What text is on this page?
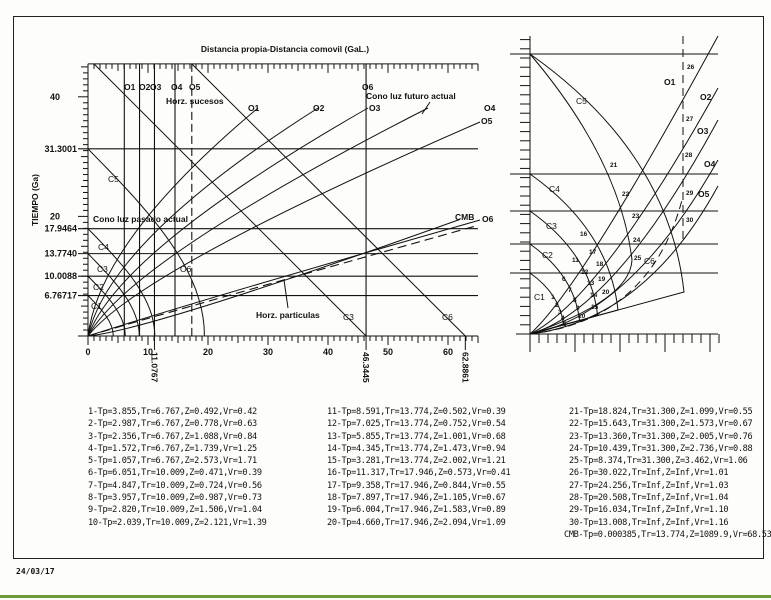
Distancia propia-Distancia comovil (GaL.)
TIEMPO (Ga)
0	10	20	30	40	50	60
11.0767	46.3445	62.8861
20
40
6.76717
10.0088
13.7740
17.9464
31.3001
O1 O2 O3 O4 O5	O6
C3	C6
C1
C2
C3
C4
C5
O6
O1	O2	O3	O4
O5
O6
CMB
Horz. sucesos	Cono luz futuro actual
Cono luz pasado actual
Horz. particulas
O1
O2
O3
O4
O5
C1
C2
C3
C4
C5
C6
1
2
3
4
5
6
7
8
9
10
11
12
13
14
15
16
17
18
19
20
21
22
23
24
25
26
27
28
29
30
1-Tp=3.855,Tr=6.767,Z=0.492,Vr=0.42
2-Tp=2.987,Tr=6.767,Z=0.778,Vr=0.63
3-Tp=2.356,Tr=6.767,Z=1.088,Vr=0.84
4-Tp=1.572,Tr=6.767,Z=1.739,Vr=1.25
5-Tp=1.057,Tr=6.767,Z=2.573,Vr=1.71
6-Tp=6.051,Tr=10.009,Z=0.471,Vr=0.39
7-Tp=4.847,Tr=10.009,Z=0.724,Vr=0.56
8-Tp=3.957,Tr=10.009,Z=0.987,Vr=0.73
9-Tp=2.820,Tr=10.009,Z=1.506,Vr=1.04
10-Tp=2.039,Tr=10.009,Z=2.121,Vr=1.39
11-Tp=8.591,Tr=13.774,Z=0.502,Vr=0.39
12-Tp=7.025,Tr=13.774,Z=0.752,Vr=0.54
13-Tp=5.855,Tr=13.774,Z=1.001,Vr=0.68
14-Tp=4.345,Tr=13.774,Z=1.473,Vr=0.94
15-Tp=3.281,Tr=13.774,Z=2.002,Vr=1.21
16-Tp=11.317,Tr=17.946,Z=0.573,Vr=0.41
17-Tp=9.358,Tr=17.946,Z=0.844,Vr=0.55
18-Tp=7.897,Tr=17.946,Z=1.105,Vr=0.67
19-Tp=6.004,Tr=17.946,Z=1.583,Vr=0.89
20-Tp=4.660,Tr=17.946,Z=2.094,Vr=1.09
21-Tp=18.824,Tr=31.300,Z=1.099,Vr=0.55
22-Tp=15.643,Tr=31.300,Z=1.573,Vr=0.67
23-Tp=13.360,Tr=31.300,Z=2.005,Vr=0.76
24-Tp=10.439,Tr=31.300,Z=2.736,Vr=0.88
25-Tp=8.374,Tr=31.300,Z=3.462,Vr=1.06
26-Tp=30.022,Tr=Inf,Z=Inf,Vr=1.01
27-Tp=24.256,Tr=Inf,Z=Inf,Vr=1.03
28-Tp=20.508,Tr=Inf,Z=Inf,Vr=1.04
29-Tp=16.034,Tr=Inf,Z=Inf,Vr=1.10
30-Tp=13.008,Tr=Inf,Z=Inf,Vr=1.16
CMB-Tp=0.000385,Tr=13.774,Z=1089.9,Vr=68.53
24/03/17
